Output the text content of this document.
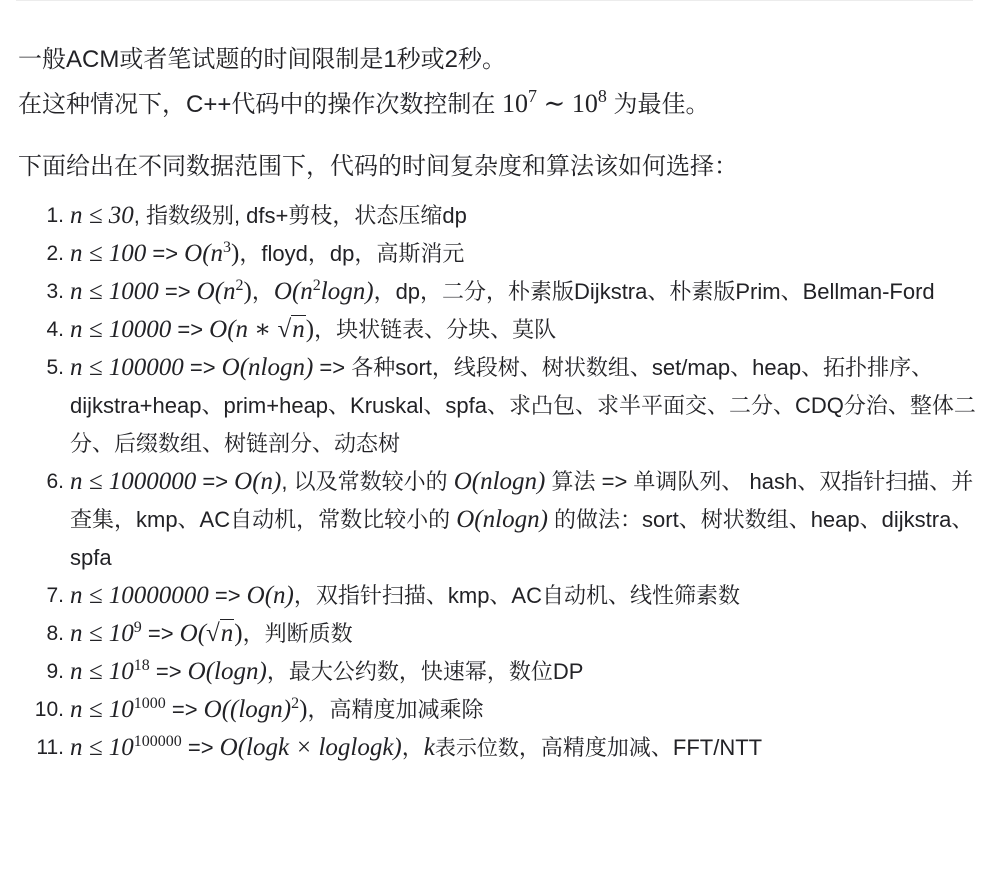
一般ACM或者笔试题的时间限制是1秒或2秒。

在这种情况下，C++代码中的操作次数控制在 $10^7$ ∼ $10^8$ 为最佳。

下面给出在不同数据范围下，代码的时间复杂度和算法该如何选择：

1. n ≤ 30, 指数级别, dfs+剪枝，状态压缩dp
2. $n \le 100 => O(n^3)$，floyd，dp，高斯消元
3. $n \le 1000 => O(n^2)$，$O(n^2\log n)$，dp，二分，朴素版Dijkstra、朴素版Prim、Bellman-Ford
4. n ≤ 10000 => O(n ∗ √n)，块状链表、分块、莫队
5. n ≤ 100000 => O(nlogn) => 各种sort，线段树、树状数组、set/map、heap、拓扑排序、dijkstra+heap、prim+heap、Kruskal、spfa、求凸包、求半平面交、二分、CDQ分治、整体二分、后缀数组、树链剖分、动态树
6. n ≤ 1000000 => O(n), 以及常数较小的 O(nlogn) 算法 => 单调队列、 hash、双指针扫描、并查集，kmp、AC自动机，常数比较小的 O(nlogn) 的做法：sort、树状数组、heap、dijkstra、spfa
7. n ≤ 10000000 => O(n)，双指针扫描、kmp、AC自动机、线性筛素数
8. $n \le 10^9 => O(√n)$，判断质数
9. $n \le 10^{18} => O(\log n)$，最大公约数，快速幂，数位DP
10. $n \le 10^{1000} => O((\log n)^2)$，高精度加减乘除
11. $n \le 10^{100000} => O(\log k \times loglogk)$，k表示位数，高精度加减、FFT/NTT
